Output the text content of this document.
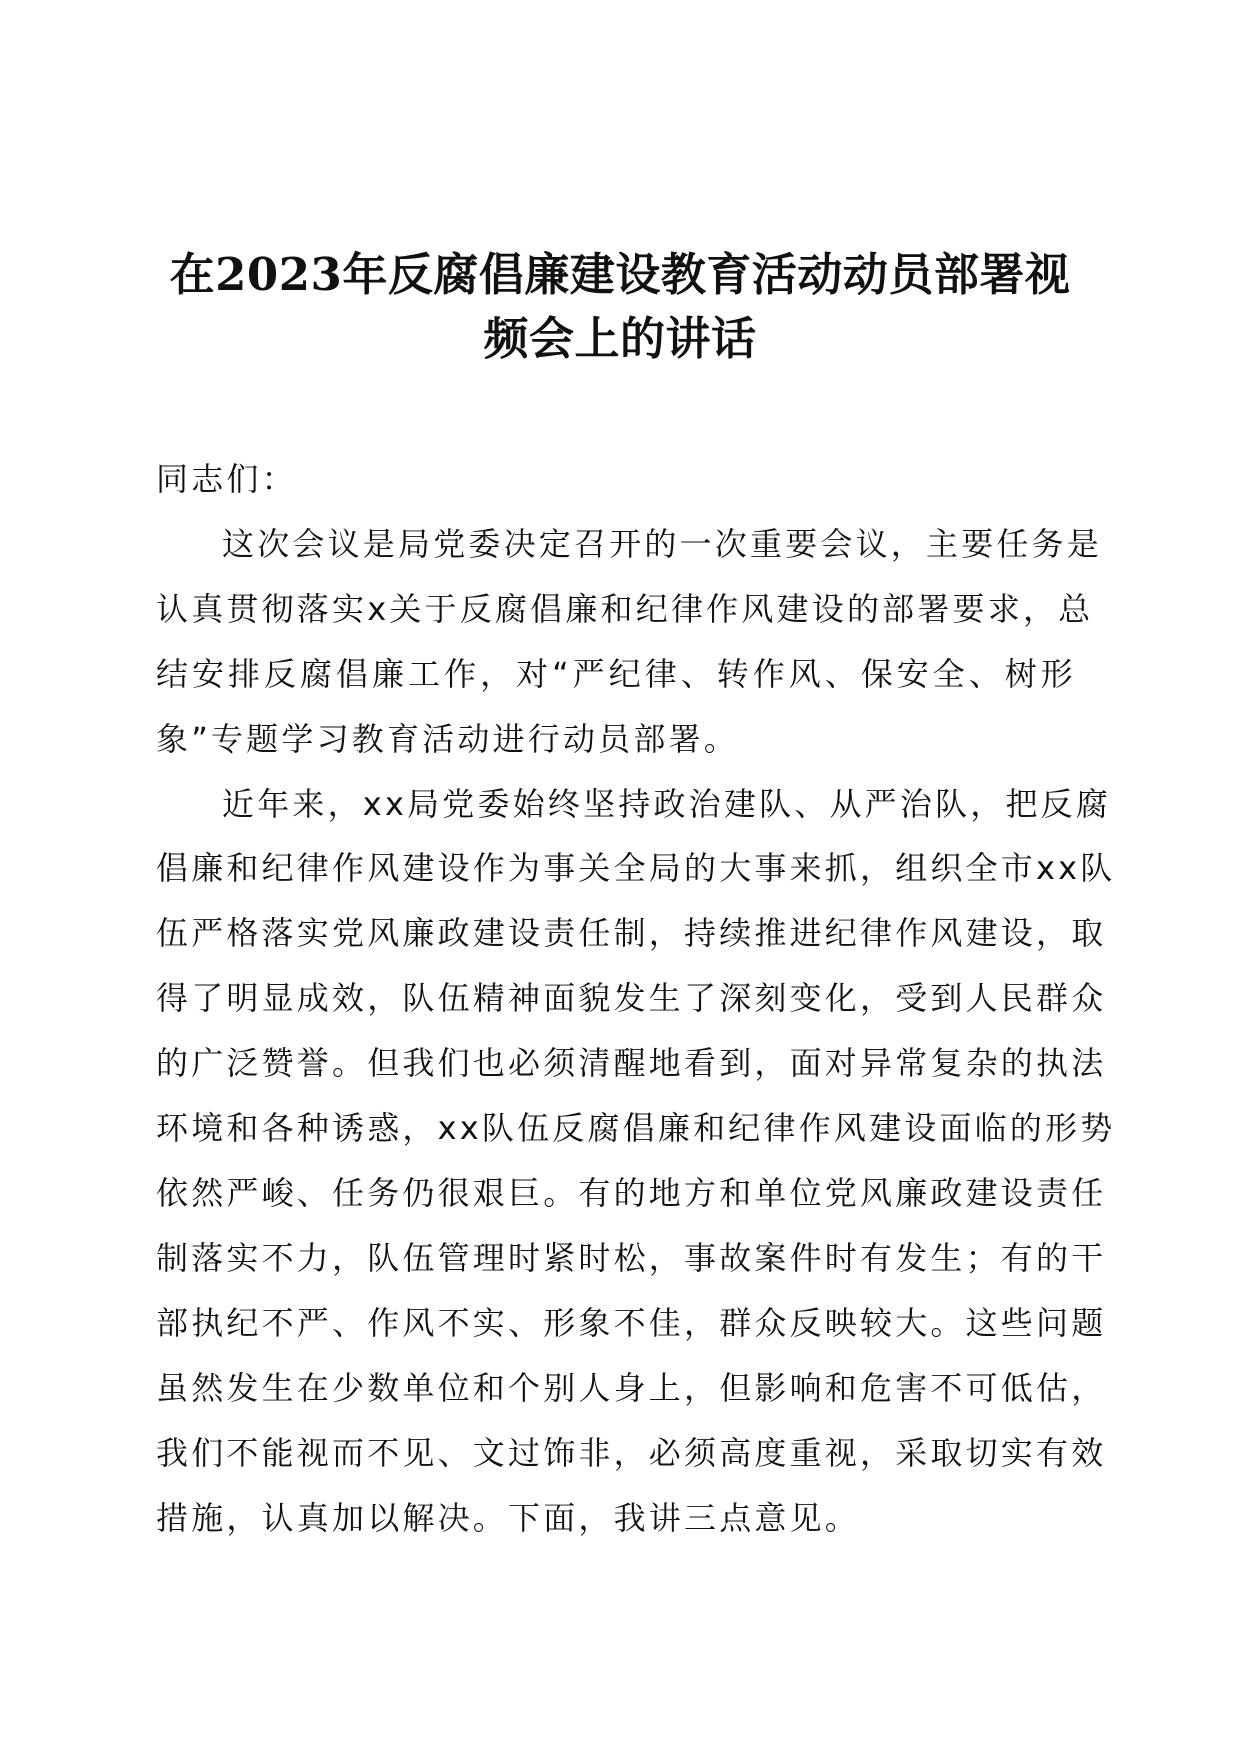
在2023年反腐倡廉建设教育活动动员部署视
频会上的讲话
同志们：
这次会议是局党委决定召开的一次重要会议，主要任务是
认真贯彻落实x关于反腐倡廉和纪律作风建设的部署要求，总
结安排反腐倡廉工作，对“严纪律、转作风、保安全、树形
象”专题学习教育活动进行动员部署。
近年来，xx局党委始终坚持政治建队、从严治队，把反腐
倡廉和纪律作风建设作为事关全局的大事来抓，组织全市xx队
伍严格落实党风廉政建设责任制，持续推进纪律作风建设，取
得了明显成效，队伍精神面貌发生了深刻变化，受到人民群众
的广泛赞誉。但我们也必须清醒地看到，面对异常复杂的执法
环境和各种诱惑，xx队伍反腐倡廉和纪律作风建设面临的形势
依然严峻、任务仍很艰巨。有的地方和单位党风廉政建设责任
制落实不力，队伍管理时紧时松，事故案件时有发生；有的干
部执纪不严、作风不实、形象不佳，群众反映较大。这些问题
虽然发生在少数单位和个别人身上，但影响和危害不可低估，
我们不能视而不见、文过饰非，必须高度重视，采取切实有效
措施，认真加以解决。下面，我讲三点意见。
